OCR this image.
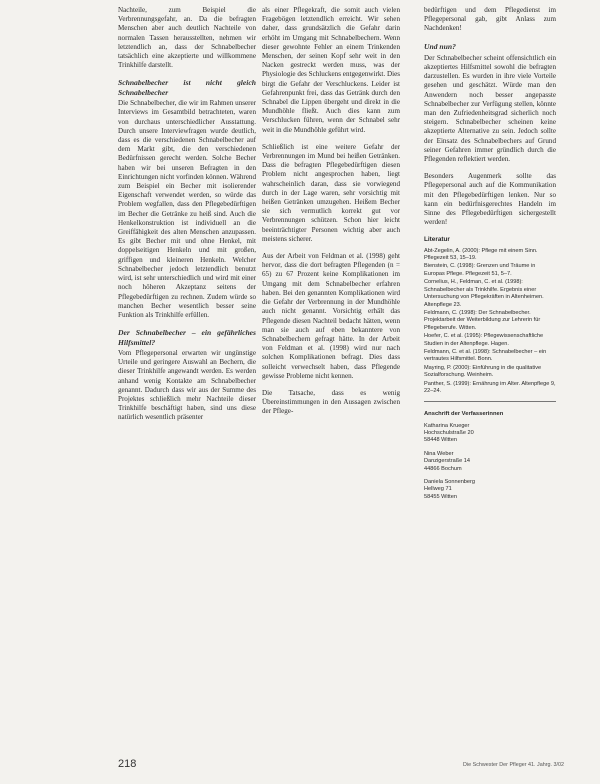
Nachteile, zum Beispiel die Verbrennungsgefahr, an. Da die befragten Menschen aber auch deutlich Nachteile von normalen Tassen herausstellten, nehmen wir letztendlich an, dass der Schnabelbecher tatsächlich eine akzeptierte und willkommene Trinkhilfe darstellt.

Schnabelbecher ist nicht gleich Schnabelbecher

Die Schnabelbecher, die wir im Rahmen unserer Interviews im Gesamtbild betrachteten, waren von durchaus unterschiedlicher Ausstattung. Durch unsere Interviewfragen wurde deutlich, dass es die verschiedenen Schnabelbecher auf dem Markt gibt, die den verschiedenen Bedürfnissen gerecht werden. Solche Becher haben wir bei unseren Befragten in den Einrichtungen nicht vorfinden können. Während zum Beispiel ein Becher mit isolierender Eigenschaft verwendet werden, so würde das Problem wegfallen, dass den Pflegebedürftigen im Becher die Getränke zu heiß sind. Auch die Henkelkonstruktion ist individuell an die Greiffähigkeit des alten Menschen anzupassen. Es gibt Becher mit und ohne Henkel, mit doppelseitigen Henkeln und mit großen, griffigen und kleineren Henkeln. Welcher Schnabelbecher jedoch letztendlich benutzt wird, ist sehr unterschiedlich und wird mit einer noch höheren Akzeptanz seitens der Pflegebedürftigen zu rechnen. Zudem würde so manchen Becher wesentlich besser seine Funktion als Trinkhilfe erfüllen.

Der Schnabelbecher – ein gefährliches Hilfsmittel?

Vom Pflegepersonal erwarten wir ungünstige Urteile und geringere Auswahl an Bechern, die dieser Trinkhilfe angewandt werden. Es werden anhand wenig Kontakte am Schnabelbecher genannt. Dadurch dass wir aus der Summe des Projektes schließlich mehr Nachteile dieser Trinkhilfe beschäftigt haben, sind uns diese natürlich wesentlich präsenter

als einer Pflegekraft, die somit auch vielen Fragebögen letztendlich erreicht. Wir sehen daher, dass grundsätzlich die Gefahr darin erhöht im Umgang mit Schnabelbechern. Wenn dieser gewohnte Fehler an einem Trinkenden Menschen, der seinen Kopf sehr weit in den Nacken gestreckt werden muss, was der Physiologie des Schluckens entgegenwirkt. Dies birgt die Gefahr der Verschluckens. Leider ist Gefahrenpunkt frei, dass das Getränk durch den Schnabel die Lippen übergeht und direkt in die Mundhöhle fließt. Auch dies kann zum Verschlucken führen, wenn der Schnabel sehr weit in die Mundhöhle geführt wird.

Schließlich ist eine weitere Gefahr der Verbrennungen im Mund bei heißen Getränken. Dass die befragten Pflegebedürftigen diesen Problem nicht angesprochen haben, liegt wahrscheinlich daran, dass sie vorwiegend durch in der Lage waren, sehr vorsichtig mit heißen Getränken umzugehen. Heißem Becher sie sich vermutlich korrekt gut vor Verbrennungen schützen. Schon hier leicht beeinträchtigter Personen wichtig aber auch meistens sicherer.

Aus der Arbeit von Feldman et al. (1998) geht hervor, dass die dort befragten Pflegenden (n = 65) zu 67 Prozent keine Komplikationen im Umgang mit dem Schnabelbecher erfahren haben. Bei den genannten Komplikationen wird die Gefahr der Verbrennung in der Mundhöhle auch nicht genannt. Vorsichtig erhält das Pflegende diesen Nachteil bedacht hätten, wenn man sie auch auf eben bekanntere von Schnabelbechern gefragt hätte. In der Arbeit von Feldman et al. (1998) wird nur nach solchen Komplikationen befragt. Dies dass solleicht verwechselt haben, dass Pflegende gewisse Probleme nicht kennen.

Die Tatsache, dass es wenig Übereinstimmungen in den Aussagen zwischen der Pflege-

bedürftigen und dem Pflegedienst im Pflegepersonal gab, gibt Anlass zum Nachdenken!

Und nun?

Der Schnabelbecher scheint offensichtlich ein akzeptiertes Hilfsmittel sowohl die befragten darzustellen. Es wurden in ihre viele Vorteile gesehen und geschätzt. Würde man den Anwendern noch besser angepasste Schnabelbecher zur Verfügung stellen, könnte man den Zufriedenheitsgrad sicherlich noch steigern. Schnabelbecher scheinen keine akzeptierte Alternative zu sein. Jedoch sollte der Einsatz des Schnabelbechers auf Grund seiner Gefahren immer gründlich durch die Pflegenden reflektiert werden.

Besonders Augenmerk sollte das Pflegepersonal auch auf die Kommunikation mit den Pflegebedürftigen lenken. Nur so kann ein bedürfnisgerechtes Handeln im Sinne des Pflegebedürftigen sichergestellt werden!

Literatur

Abt-Zegelin, A. (2000): Pflege mit einem Sinn. Pflegezeit 53, 15–19.

Bienstein, C. (1998): Grenzen und Träume in Europas Pflege. Pflegezeit 51, 5–7.

Cornelius, H., Feldman, C. et al. (1998): Schnabelbecher als Trinkhilfe. Ergebnis einer Untersuchung von Pflegekräften in Altenheimen. Altenpflege 23.

Feldmann, C. (1998): Der Schnabelbecher. Projektarbeit der Weiterbildung zur Lehrerin für Pflegeberufe. Witten.

Hoefer, C. et al. (1995): Pflegewissenschaftliche Studien in der Altenpflege. Hagen.

Feldmann, C. et al. (1998): Schnabelbecher – ein vertrautes Hilfsmittel. Bonn.

Mayring, P. (2000): Einführung in die qualitative Sozialforschung. Weinheim.

Panther, S. (1999): Ernährung im Alter. Altenpflege 9, 22–24.

Anschrift der Verfasserinnen
Katharina Krueger
Hochschulstraße 20
58448 Witten
Nina Weber
Danzigerstraße 14
44866 Bochum
Daniela Sonnenberg
Hellweg 71
58455 Witten
218	Die Schwester Der Pfleger 41. Jahrg. 3/02
